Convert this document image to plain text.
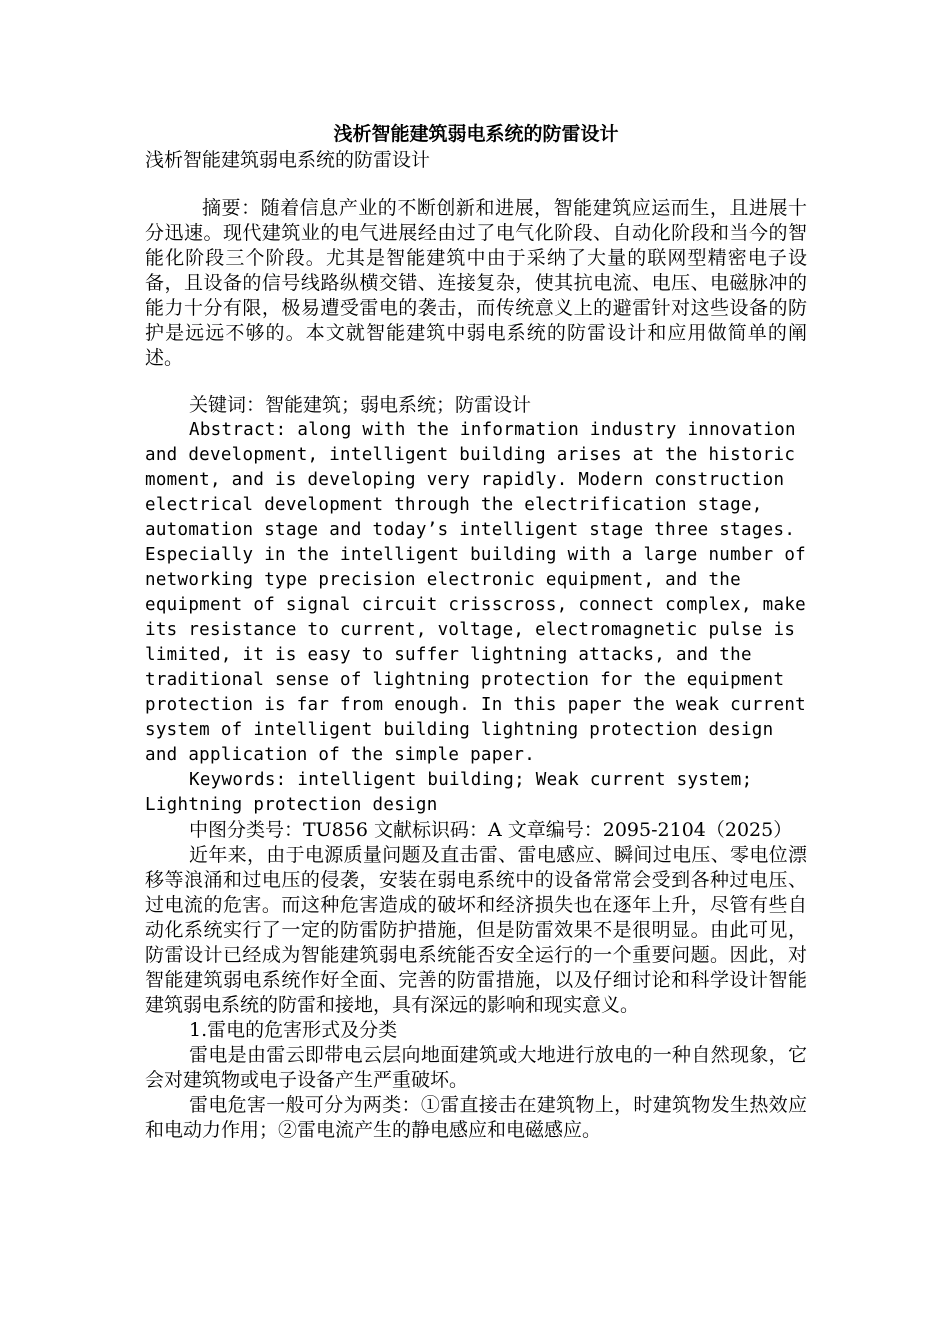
浅析智能建筑弱电系统的防雷设计

浅析智能建筑弱电系统的防雷设计

摘要：随着信息产业的不断创新和进展，智能建筑应运而生，且进展十分迅速。现代建筑业的电气进展经由过了电气化阶段、自动化阶段和当今的智能化阶段三个阶段。尤其是智能建筑中由于采纳了大量的联网型精密电子设备，且设备的信号线路纵横交错、连接复杂，使其抗电流、电压、电磁脉冲的能力十分有限，极易遭受雷电的袭击，而传统意义上的避雷针对这些设备的防护是远远不够的。本文就智能建筑中弱电系统的防雷设计和应用做简单的阐述。

关键词：智能建筑；弱电系统；防雷设计

Abstract: along with the information industry innovation and development, intelligent building arises at the historic moment, and is developing very rapidly. Modern construction electrical development through the electrification stage, automation stage and today’s intelligent stage three stages. Especially in the intelligent building with a large number of networking type precision electronic equipment, and the equipment of signal circuit crisscross, connect complex, make its resistance to current, voltage, electromagnetic pulse is limited, it is easy to suffer lightning attacks, and the traditional sense of lightning protection for the equipment protection is far from enough. In this paper the weak current system of intelligent building lightning protection design and application of the simple paper.

Keywords: intelligent building; Weak current system; Lightning protection design

中图分类号：TU856 文献标识码：A 文章编号：2095-2104（2025）

近年来，由于电源质量问题及直击雷、雷电感应、瞬间过电压、零电位漂移等浪涌和过电压的侵袭，安装在弱电系统中的设备常常会受到各种过电压、过电流的危害。而这种危害造成的破坏和经济损失也在逐年上升，尽管有些自动化系统实行了一定的防雷防护措施，但是防雷效果不是很明显。由此可见，防雷设计已经成为智能建筑弱电系统能否安全运行的一个重要问题。因此，对智能建筑弱电系统作好全面、完善的防雷措施，以及仔细讨论和科学设计智能建筑弱电系统的防雷和接地，具有深远的影响和现实意义。

1.雷电的危害形式及分类

雷电是由雷云即带电云层向地面建筑或大地进行放电的一种自然现象，它会对建筑物或电子设备产生严重破坏。

雷电危害一般可分为两类：①雷直接击在建筑物上，时建筑物发生热效应和电动力作用；②雷电流产生的静电感应和电磁感应。
